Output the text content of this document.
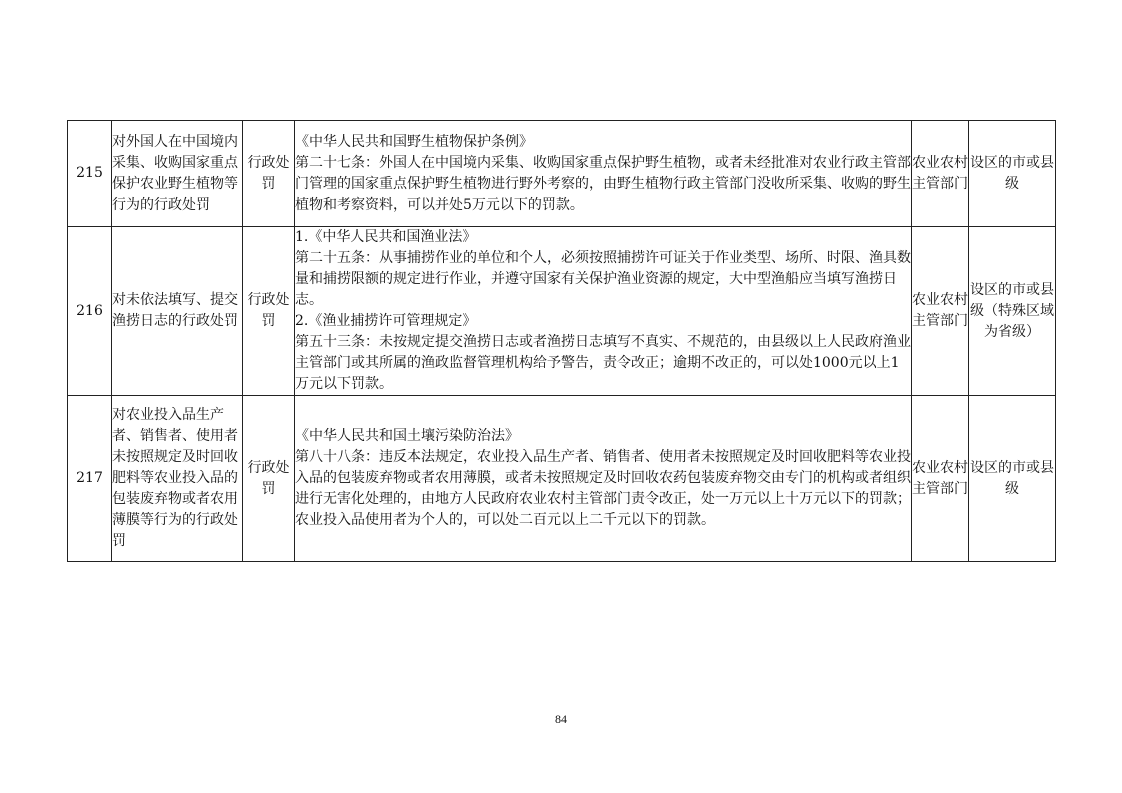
215	对外国人在中国境内采集、收购国家重点保护农业野生植物等行为的行政处罚	行政处罚	《中华人民共和国野生植物保护条例》
第二十七条：外国人在中国境内采集、收购国家重点保护野生植物，或者未经批准对农业行政主管部门管理的国家重点保护野生植物进行野外考察的，由野生植物行政主管部门没收所采集、收购的野生植物和考察资料，可以并处5万元以下的罚款。	农业农村主管部门	设区的市或县级
216	对未依法填写、提交渔捞日志的行政处罚	行政处罚	1.《中华人民共和国渔业法》
第二十五条：从事捕捞作业的单位和个人，必须按照捕捞许可证关于作业类型、场所、时限、渔具数量和捕捞限额的规定进行作业，并遵守国家有关保护渔业资源的规定，大中型渔船应当填写渔捞日志。
2.《渔业捕捞许可管理规定》
第五十三条：未按规定提交渔捞日志或者渔捞日志填写不真实、不规范的，由县级以上人民政府渔业主管部门或其所属的渔政监督管理机构给予警告，责令改正；逾期不改正的，可以处1000元以上1万元以下罚款。	农业农村主管部门	设区的市或县级（特殊区域为省级）
217	对农业投入品生产者、销售者、使用者未按照规定及时回收肥料等农业投入品的包装废弃物或者农用薄膜等行为的行政处罚	行政处罚	《中华人民共和国土壤污染防治法》
第八十八条：违反本法规定，农业投入品生产者、销售者、使用者未按照规定及时回收肥料等农业投入品的包装废弃物或者农用薄膜，或者未按照规定及时回收农药包装废弃物交由专门的机构或者组织进行无害化处理的，由地方人民政府农业农村主管部门责令改正，处一万元以上十万元以下的罚款；农业投入品使用者为个人的，可以处二百元以上二千元以下的罚款。	农业农村主管部门	设区的市或县级
84
